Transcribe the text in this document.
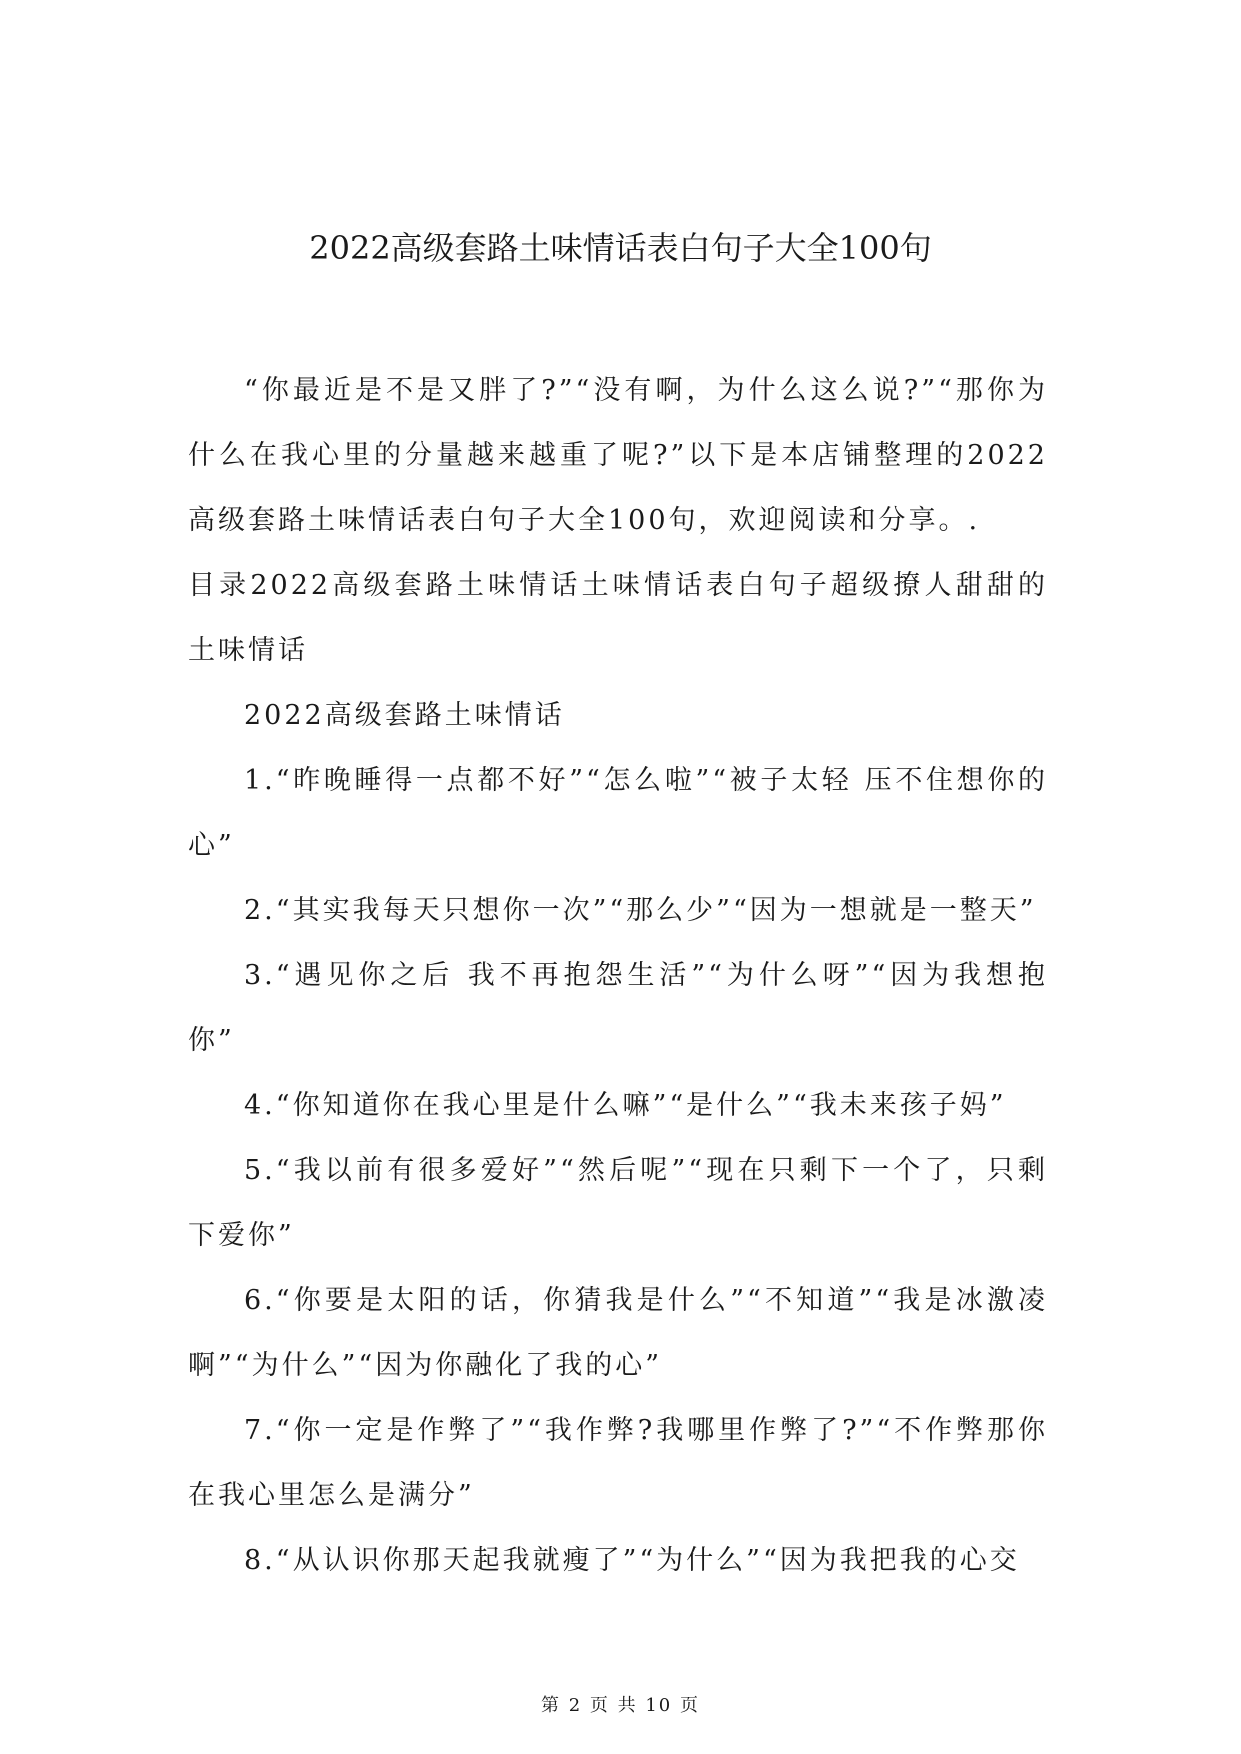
2022高级套路土味情话表白句子大全100句

“你最近是不是又胖了?”“没有啊，为什么这么说?”“那你为什么在我心里的分量越来越重了呢?”以下是本店铺整理的2022高级套路土味情话表白句子大全100句，欢迎阅读和分享。.

目录2022高级套路土味情话土味情话表白句子超级撩人甜甜的土味情话

2022高级套路土味情话

1.“昨晚睡得一点都不好”“怎么啦”“被子太轻 压不住想你的心”

2.“其实我每天只想你一次”“那么少”“因为一想就是一整天”

3.“遇见你之后 我不再抱怨生活”“为什么呀”“因为我想抱你”

4.“你知道你在我心里是什么嘛”“是什么”“我未来孩子妈”

5.“我以前有很多爱好”“然后呢”“现在只剩下一个了，只剩下爱你”

6.“你要是太阳的话，你猜我是什么”“不知道”“我是冰激凌啊”“为什么”“因为你融化了我的心”

7.“你一定是作弊了”“我作弊?我哪里作弊了?”“不作弊那你在我心里怎么是满分”

8.“从认识你那天起我就瘦了”“为什么”“因为我把我的心交

第 2 页 共 10 页
